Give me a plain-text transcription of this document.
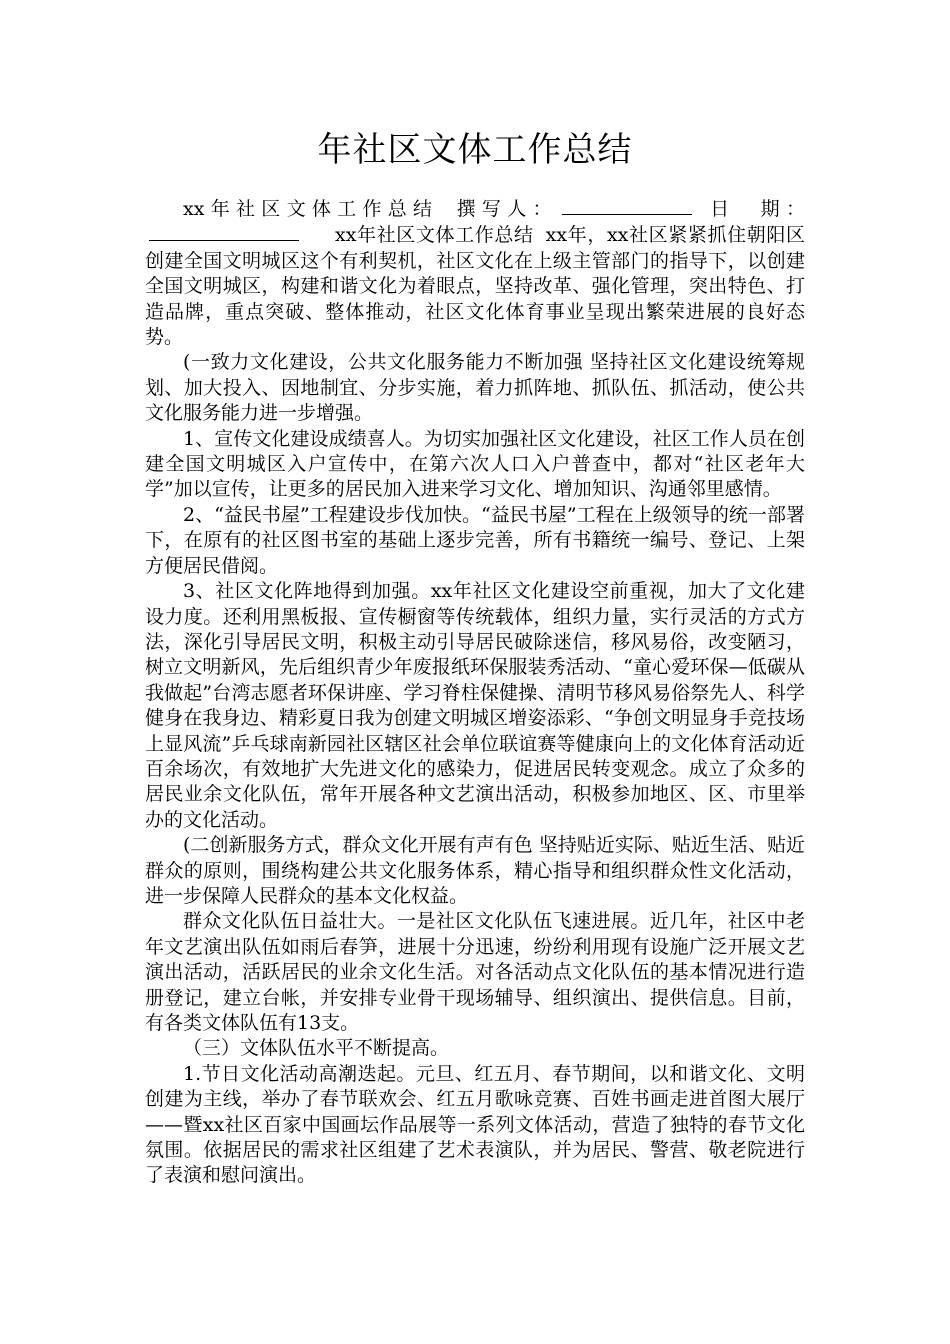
年社区文体工作总结

xx年社区文体工作总结 撰写人：	日　期：xx年社区文体工作总结 xx年，xx社区紧紧抓住朝阳区创建全国文明城区这个有利契机，社区文化在上级主管部门的指导下，以创建全国文明城区，构建和谐文化为着眼点，坚持改革、强化管理，突出特色、打造品牌，重点突破、整体推动，社区文化体育事业呈现出繁荣进展的良好态势。

(一致力文化建设，公共文化服务能力不断加强 坚持社区文化建设统筹规划、加大投入、因地制宜、分步实施，着力抓阵地、抓队伍、抓活动，使公共文化服务能力进一步增强。

1、宣传文化建设成绩喜人。为切实加强社区文化建设，社区工作人员在创建全国文明城区入户宣传中，在第六次人口入户普查中，都对“社区老年大学”加以宣传，让更多的居民加入进来学习文化、增加知识、沟通邻里感情。

2、“益民书屋”工程建设步伐加快。“益民书屋”工程在上级领导的统一部署下，在原有的社区图书室的基础上逐步完善，所有书籍统一编号、登记、上架方便居民借阅。

3、社区文化阵地得到加强。xx年社区文化建设空前重视，加大了文化建设力度。还利用黑板报、宣传橱窗等传统载体，组织力量，实行灵活的方式方法，深化引导居民文明，积极主动引导居民破除迷信，移风易俗，改变陋习，树立文明新风，先后组织青少年废报纸环保服装秀活动、“童心爱环保—低碳从我做起”台湾志愿者环保讲座、学习脊柱保健操、清明节移风易俗祭先人、科学健身在我身边、精彩夏日我为创建文明城区增姿添彩、“争创文明显身手竞技场上显风流”乒乓球南新园社区辖区社会单位联谊赛等健康向上的文化体育活动近百余场次，有效地扩大先进文化的感染力，促进居民转变观念。成立了众多的居民业余文化队伍，常年开展各种文艺演出活动，积极参加地区、区、市里举办的文化活动。

(二创新服务方式，群众文化开展有声有色 坚持贴近实际、贴近生活、贴近群众的原则，围绕构建公共文化服务体系，精心指导和组织群众性文化活动，进一步保障人民群众的基本文化权益。

群众文化队伍日益壮大。一是社区文化队伍飞速进展。近几年，社区中老年文艺演出队伍如雨后春笋，进展十分迅速，纷纷利用现有设施广泛开展文艺演出活动，活跃居民的业余文化生活。对各活动点文化队伍的基本情况进行造册登记，建立台帐，并安排专业骨干现场辅导、组织演出、提供信息。目前，有各类文体队伍有13支。

（三）文体队伍水平不断提高。

1.节日文化活动高潮迭起。元旦、红五月、春节期间，以和谐文化、文明创建为主线，举办了春节联欢会、红五月歌咏竞赛、百姓书画走进首图大展厅——暨xx社区百家中国画坛作品展等一系列文体活动，营造了独特的春节文化氛围。依据居民的需求社区组建了艺术表演队，并为居民、警营、敬老院进行了表演和慰问演出。
